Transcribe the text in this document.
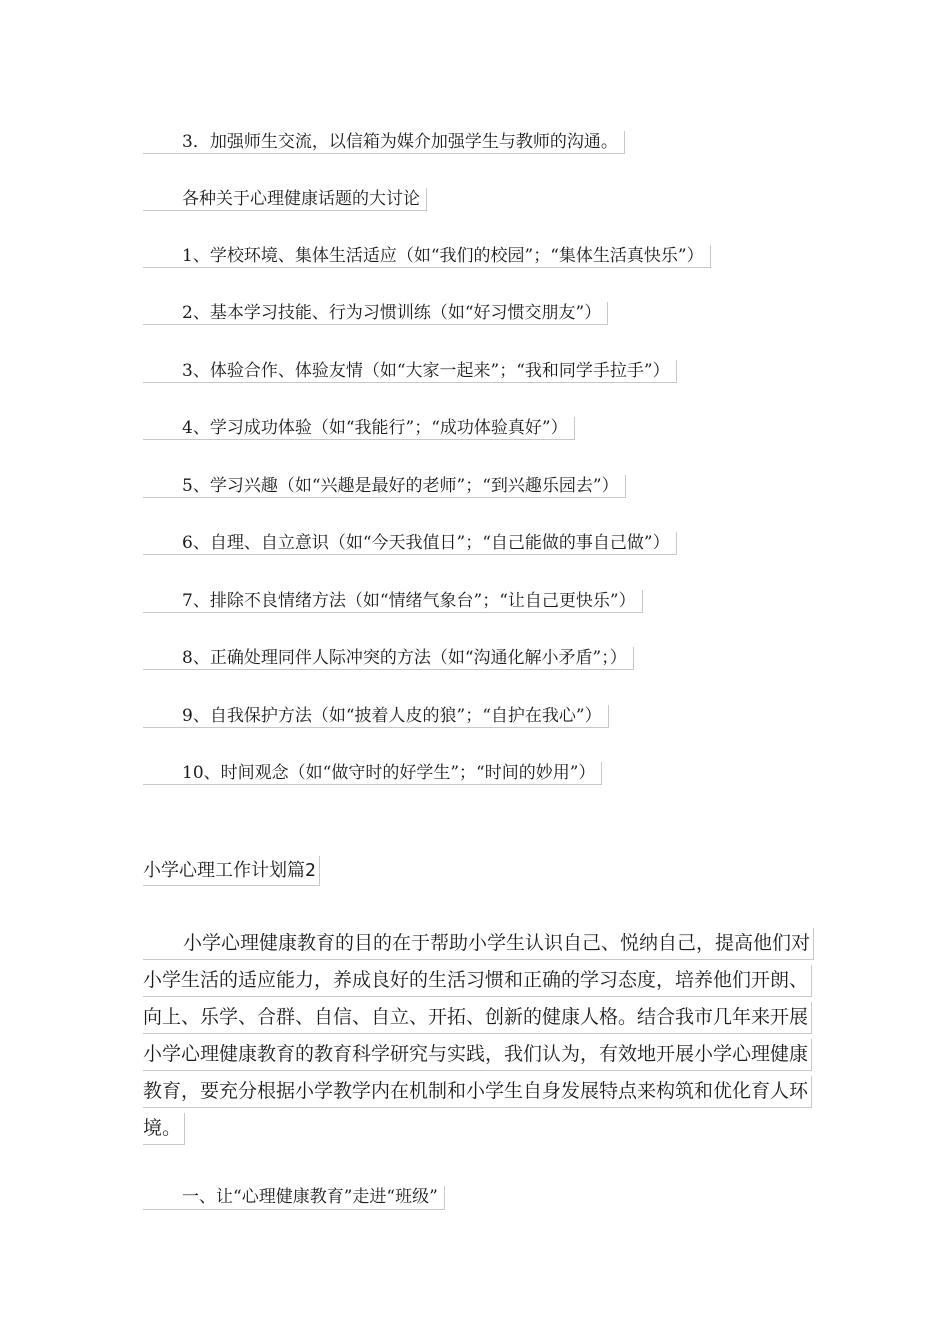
3．加强师生交流，以信箱为媒介加强学生与教师的沟通。
各种关于心理健康话题的大讨论
1、学校环境、集体生活适应（如“我们的校园”；“集体生活真快乐”）
2、基本学习技能、行为习惯训练（如“好习惯交朋友”）
3、体验合作、体验友情（如“大家一起来”；“我和同学手拉手”）
4、学习成功体验（如“我能行”；“成功体验真好”）
5、学习兴趣（如“兴趣是最好的老师”；“到兴趣乐园去”）
6、自理、自立意识（如“今天我值日”；“自己能做的事自己做”）
7、排除不良情绪方法（如“情绪气象台”；“让自己更快乐”）
8、正确处理同伴人际冲突的方法（如“沟通化解小矛盾”；）
9、自我保护方法（如“披着人皮的狼”；“自护在我心”）
10、时间观念（如“做守时的好学生”；“时间的妙用”）
小学心理工作计划篇2
小学心理健康教育的目的在于帮助小学生认识自己、悦纳自己，提高他们对
小学生活的适应能力，养成良好的生活习惯和正确的学习态度，培养他们开朗、
向上、乐学、合群、自信、自立、开拓、创新的健康人格。结合我市几年来开展
小学心理健康教育的教育科学研究与实践，我们认为，有效地开展小学心理健康
教育，要充分根据小学教学内在机制和小学生自身发展特点来构筑和优化育人环
境。
一、让“心理健康教育”走进“班级”
